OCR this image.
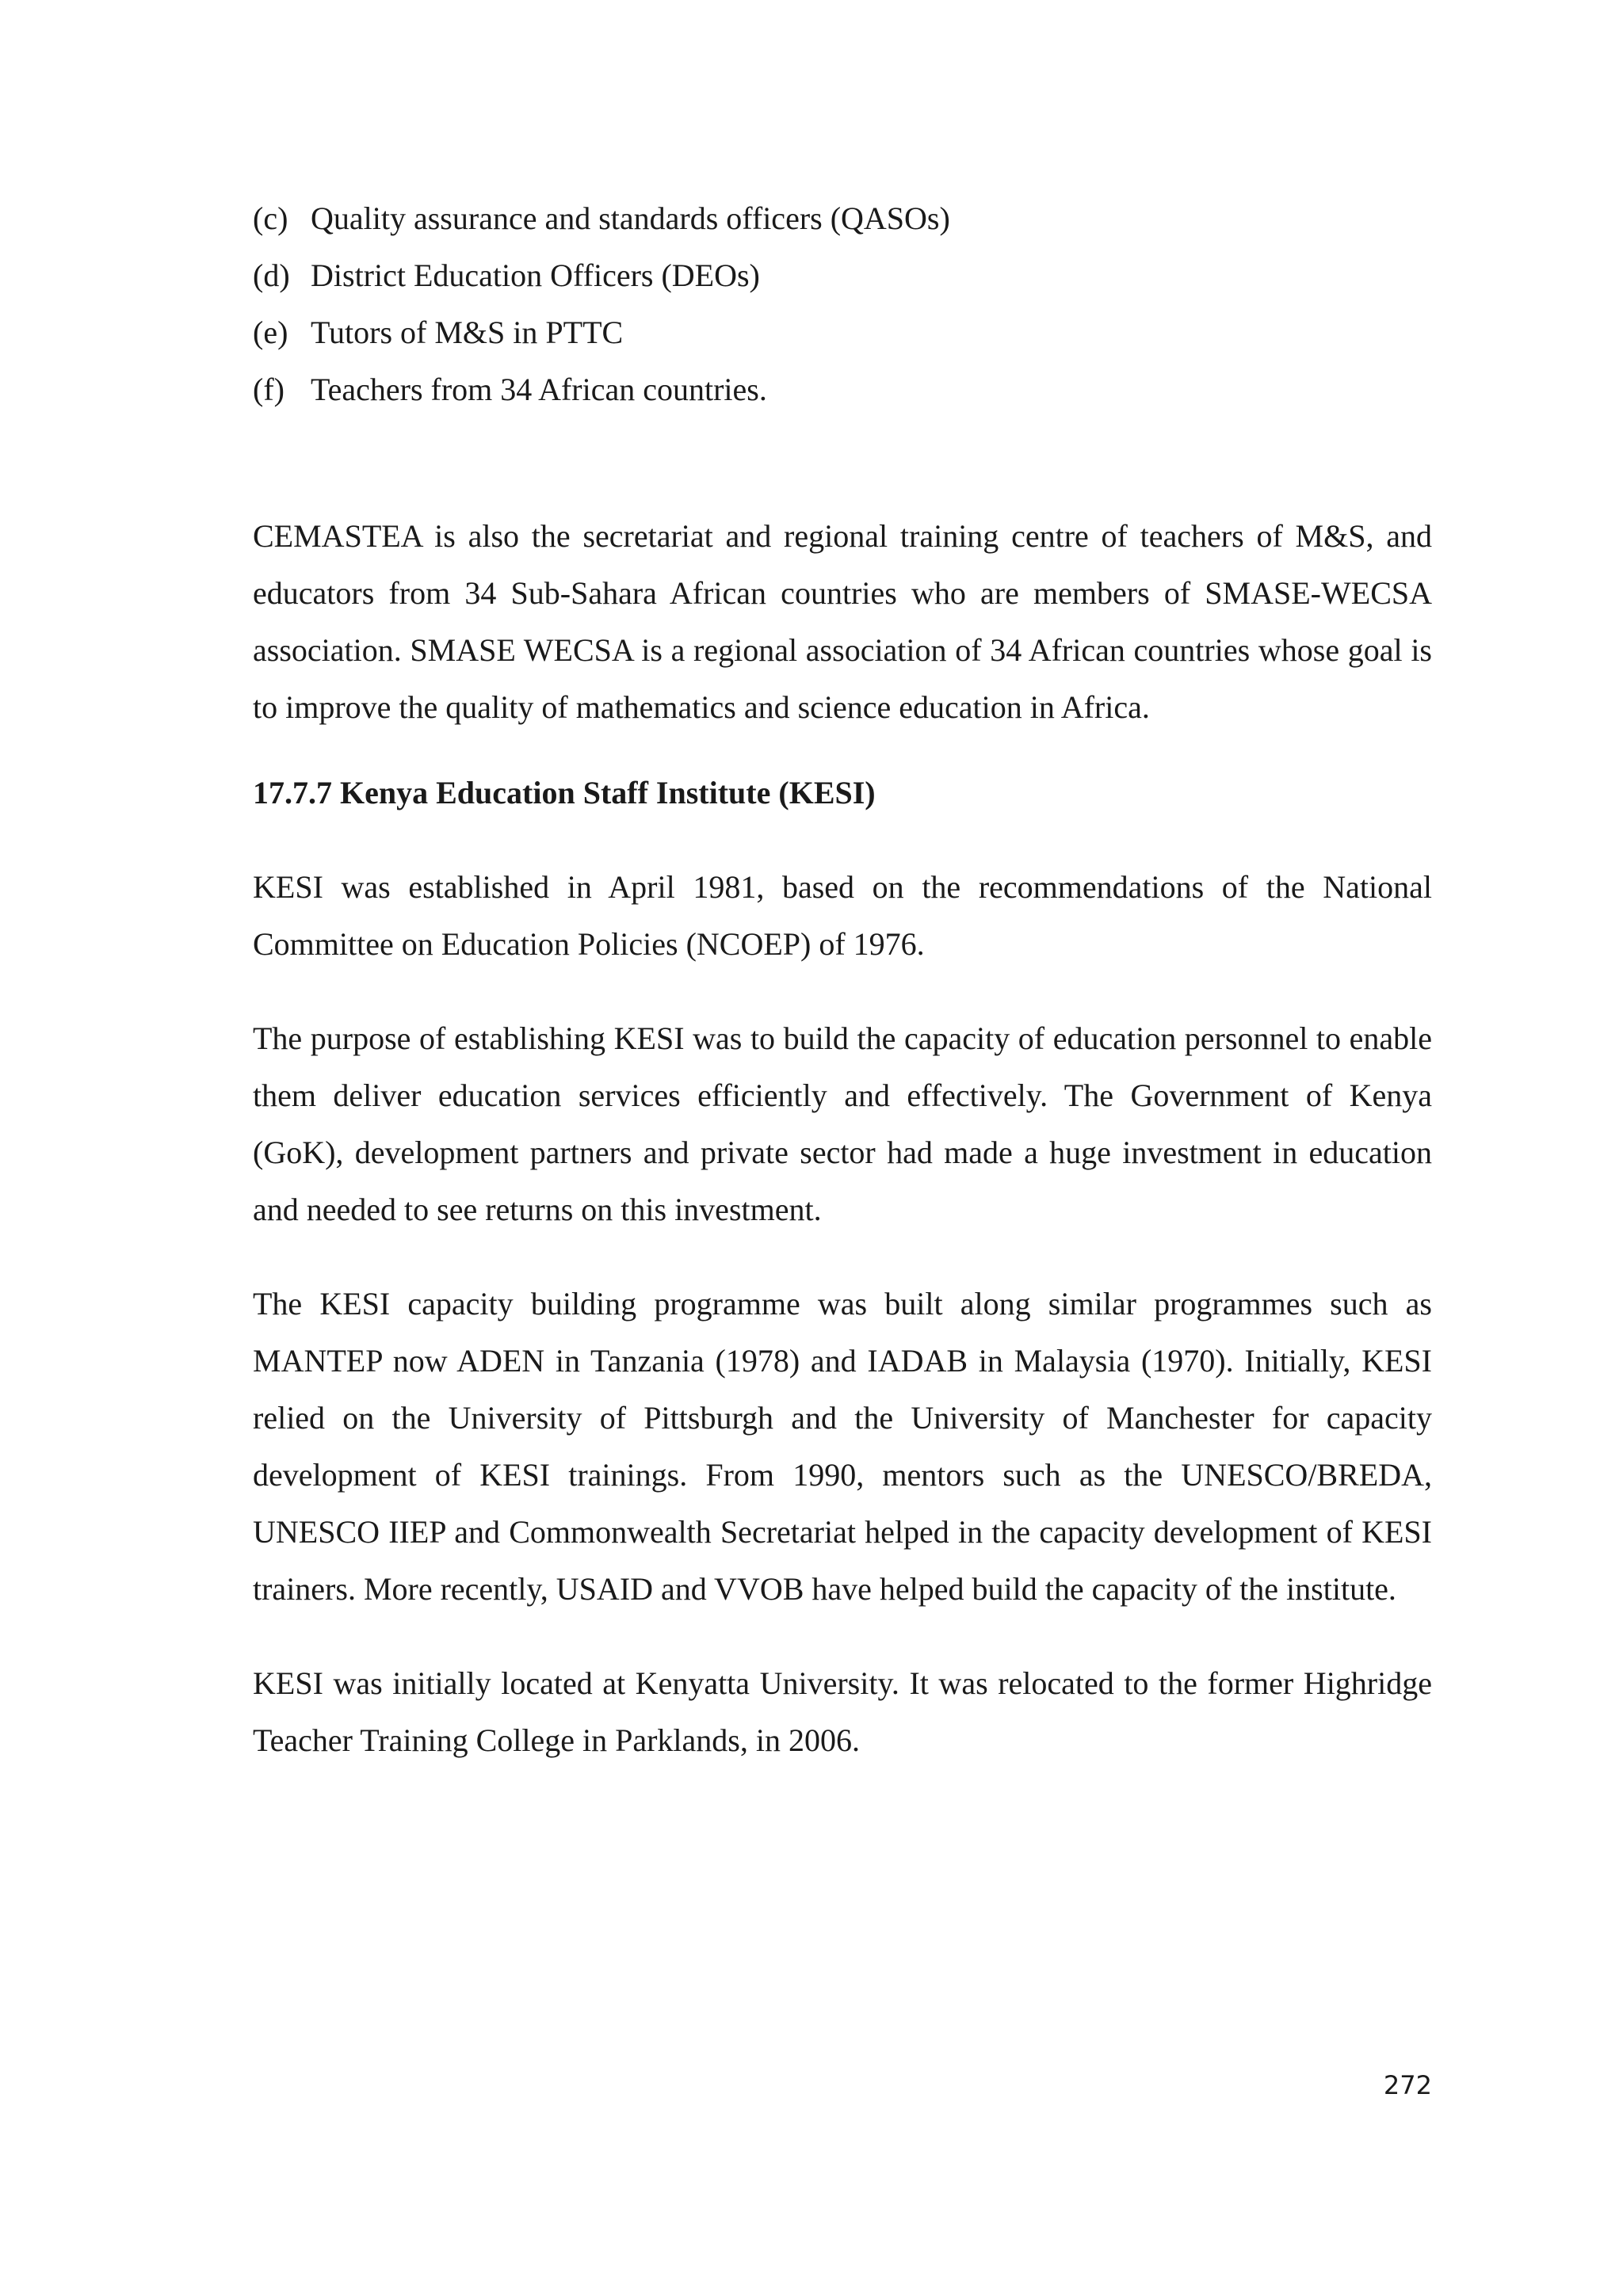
(c) Quality assurance and standards officers (QASOs)
(d) District Education Officers (DEOs)
(e) Tutors of M&S in PTTC
(f) Teachers from 34 African countries.

CEMASTEA is also the secretariat and regional training centre of teachers of M&S, and educators from 34 Sub-Sahara African countries who are members of SMASE-WECSA association. SMASE WECSA is a regional association of 34 African countries whose goal is to improve the quality of mathematics and science education in Africa.

17.7.7 Kenya Education Staff Institute (KESI)

KESI was established in April 1981, based on the recommendations of the National Committee on Education Policies (NCOEP) of 1976.

The purpose of establishing KESI was to build the capacity of education personnel to enable them deliver education services efficiently and effectively. The Government of Kenya (GoK), development partners and private sector had made a huge investment in education and needed to see returns on this investment.

The KESI capacity building programme was built along similar programmes such as MANTEP now ADEN in Tanzania (1978) and IADAB in Malaysia (1970). Initially, KESI relied on the University of Pittsburgh and the University of Manchester for capacity development of KESI trainings. From 1990, mentors such as the UNESCO/BREDA, UNESCO IIEP and Commonwealth Secretariat helped in the capacity development of KESI trainers. More recently, USAID and VVOB have helped build the capacity of the institute.

KESI was initially located at Kenyatta University. It was relocated to the former Highridge Teacher Training College in Parklands, in 2006.

272
